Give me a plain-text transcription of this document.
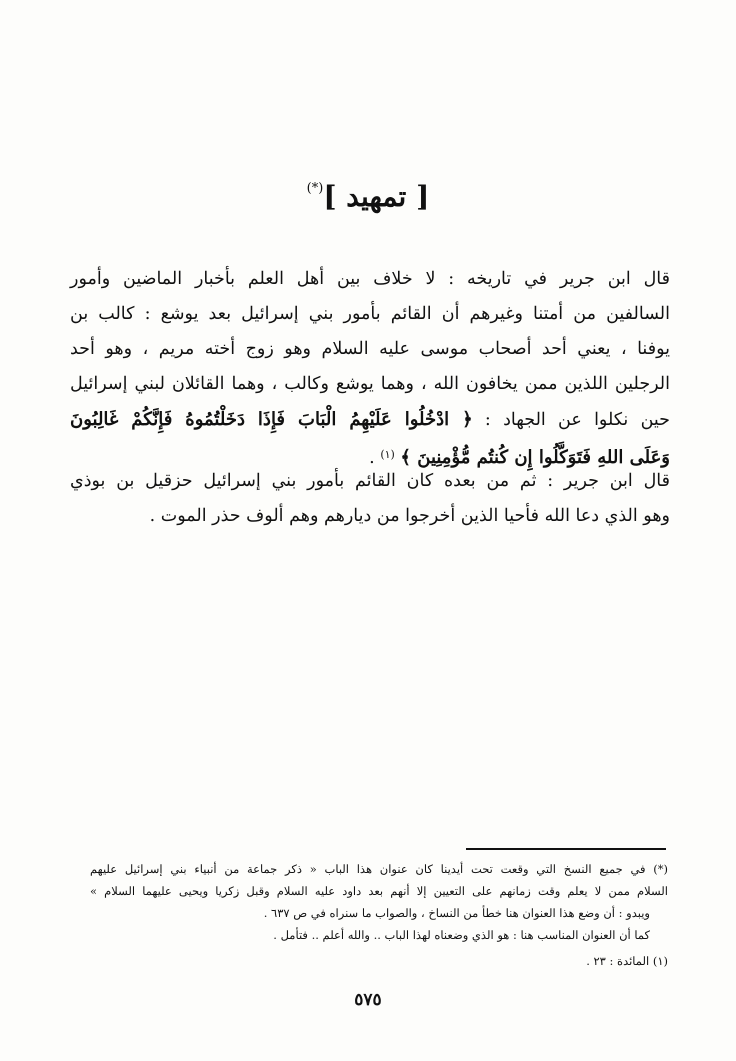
[ تمهيد ](*)
قال ابن جرير في تاريخه : لا خلاف بين أهل العلم بأخبار الماضين وأمور
السالفين من أمتنا وغيرهم أن القائم بأمور بني إسرائيل بعد يوشع : كالب بن
يوفنا ، يعني أحد أصحاب موسى عليه السلام وهو زوج أخته مريم ، وهو أحد
الرجلين اللذين ممن يخافون الله ، وهما يوشع وكالب ، وهما القائلان لبني إسرائيل
حين نكلوا عن الجهاد : ﴿ ادْخُلُوا عَلَيْهِمُ الْبَابَ فَإِذَا دَخَلْتُمُوهُ فَإِنَّكُمْ غَالِبُونَ
وَعَلَى اللهِ فَتَوَكَّلُوا إِن كُنتُم مُّؤْمِنِينَ ﴾ $^{(١)}$ .
قال ابن جرير : ثم من بعده كان القائم بأمور بني إسرائيل حزقيل بن بوذي
وهو الذي دعا الله فأحيا الذين أخرجوا من ديارهم وهم ألوف حذر الموت .
(*) في جميع النسخ التي وقعت تحت أيدينا كان عنوان هذا الباب « ذكر جماعة من أنبياء بني إسرائيل عليهم
السلام ممن لا يعلم وقت زمانهم على التعيين إلا أنهم بعد داود عليه السلام وقبل زكريا ويحيى عليهما السلام »
ويبدو : أن وضع هذا العنوان هنا خطأ من النساخ ، والصواب ما سنراه في ص ٦٣٧ .
كما أن العنوان المناسب هنا : هو الذي وضعناه لهذا الباب .. والله أعلم .. فتأمل .
(١) المائدة : ٢٣ .
٥٧٥
